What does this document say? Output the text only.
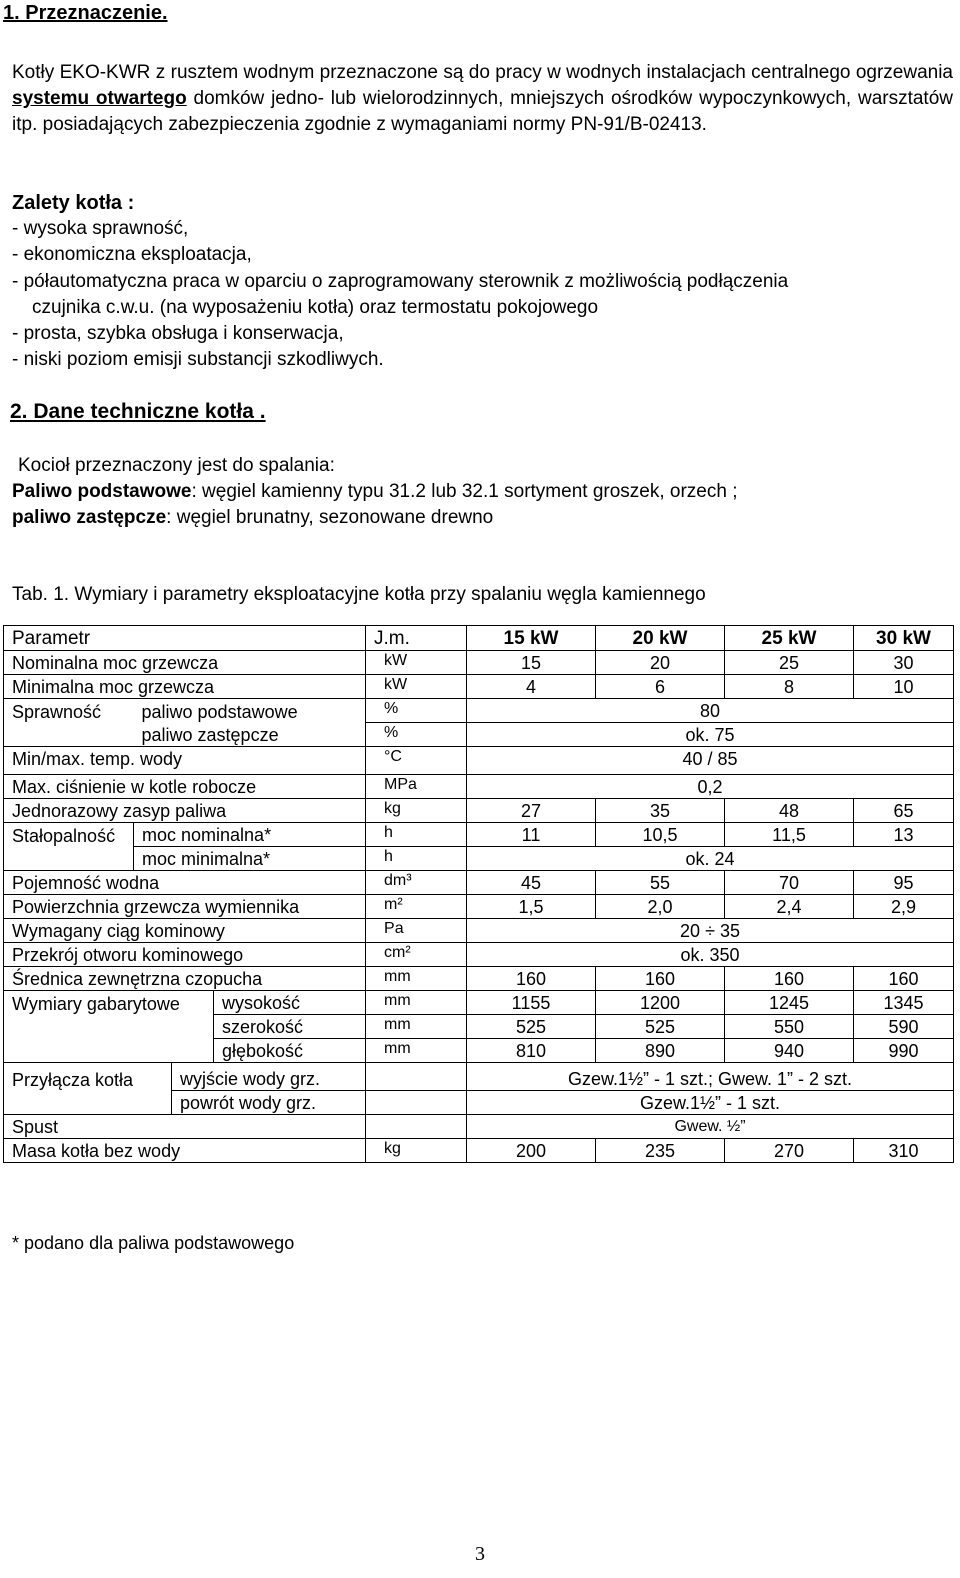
1. Przeznaczenie.
Kotły EKO-KWR z rusztem wodnym przeznaczone są do pracy w wodnych instalacjach centralnego ogrzewania systemu otwartego domków jedno- lub wielorodzinnych, mniejszych ośrodków wypoczynkowych, warsztatów itp. posiadających zabezpieczenia zgodnie z wymaganiami normy PN-91/B-02413.
Zalety kotła :
- wysoka sprawność,
- ekonomiczna eksploatacja,
- półautomatyczna praca w oparciu o zaprogramowany sterownik z możliwością podłączenia
czujnika c.w.u. (na wyposażeniu kotła) oraz termostatu pokojowego
- prosta, szybka obsługa i konserwacja,
- niski poziom emisji substancji szkodliwych.
2. Dane techniczne kotła .
Kocioł przeznaczony jest do spalania:
Paliwo podstawowe: węgiel kamienny typu 31.2 lub 32.1 sortyment groszek, orzech ;
paliwo zastępcze: węgiel brunatny, sezonowane drewno
Tab. 1. Wymiary i parametry eksploatacyjne kotła przy spalaniu węgla kamiennego
Parametr				J.m.	15 kW	20 kW	25 kW	30 kW
Nominalna moc grzewcza				kW	15	20	25	30
Minimalna moc grzewcza				kW	4	6	8	10
Sprawność	paliwo podstawowe			%	80			
	paliwo zastępcze			%	ok. 75			
Min/max. temp. wody				°C	40 / 85			
Max. ciśnienie w kotle robocze				MPa	0,2			
Jednorazowy zasyp paliwa				kg	27	35	48	65
Stałopalność	moc nominalna*			h	11	10,5	11,5	13
	moc minimalna*			h	ok. 24			
Pojemność wodna				dm³	45	55	70	95
Powierzchnia grzewcza wymiennika				m²	1,5	2,0	2,4	2,9
Wymagany ciąg kominowy				Pa	20 ÷ 35			
Przekrój otworu kominowego				cm²	ok. 350			
Średnica zewnętrzna czopucha				mm	160	160	160	160
Wymiary gabarytowe			wysokość	mm	1155	1200	1245	1345
			szerokość	mm	525	525	550	590
			głębokość	mm	810	890	940	990
Przyłącza kotła		wyjście wody grz.			Gzew.1½” - 1 szt.; Gwew. 1” - 2 szt.			
		powrót wody grz.			Gzew.1½” - 1 szt.			
Spust					Gwew. ½”			
Masa kotła bez wody				kg	200	235	270	310
* podano dla paliwa podstawowego
3
